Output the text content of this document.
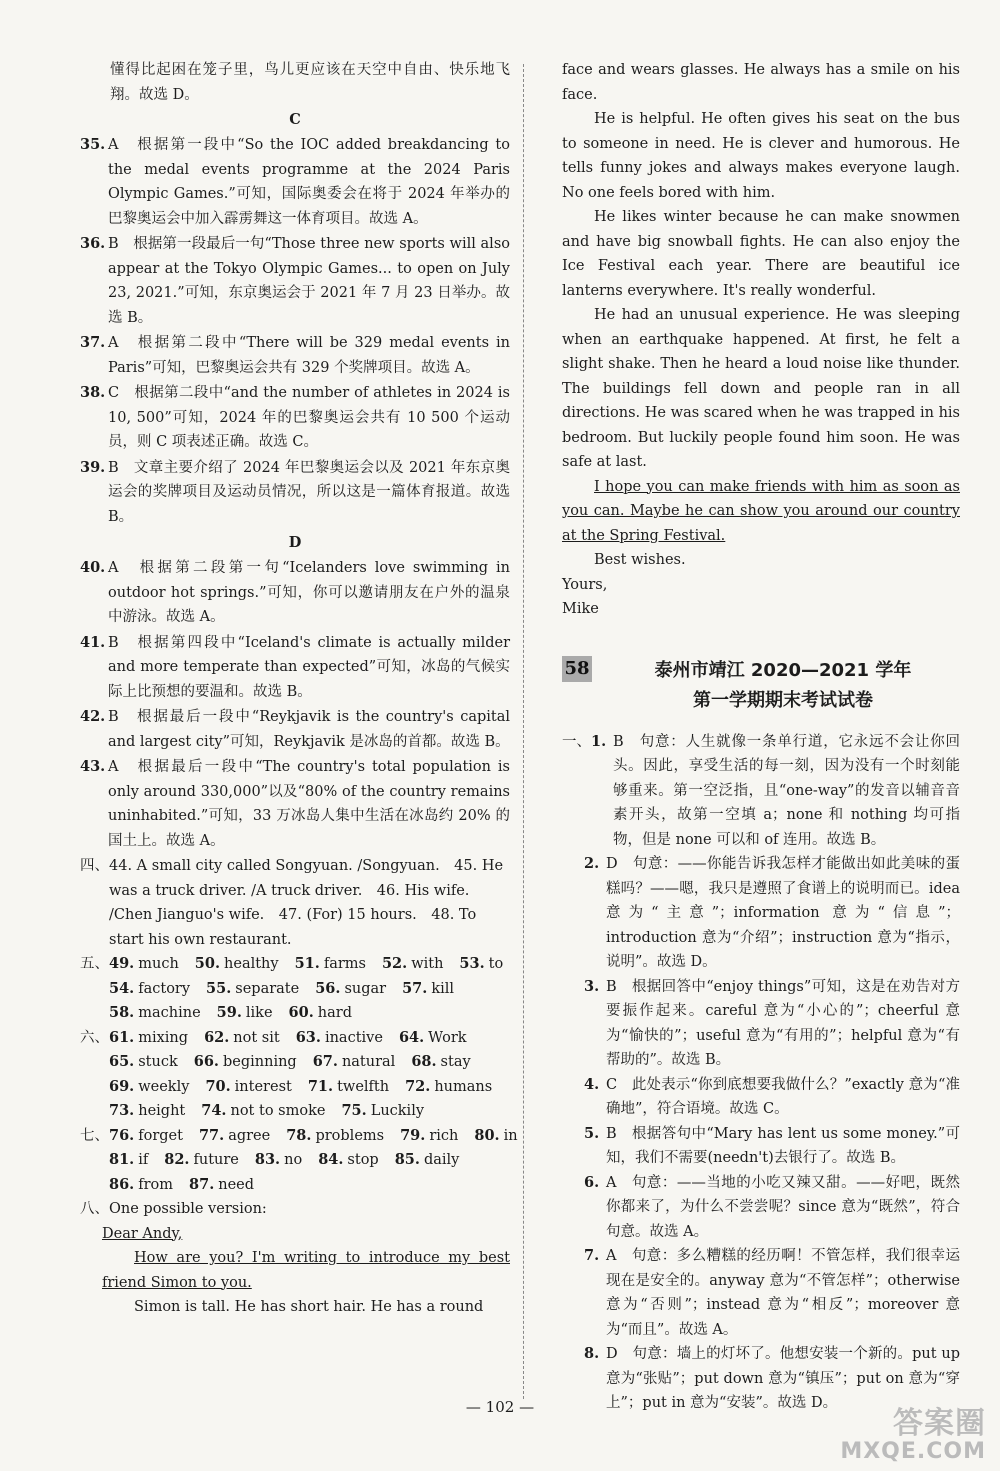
懂得比起困在笼子里，鸟儿更应该在天空中自由、快乐地飞翔。故选 D。

C
35. A　根据第一段中“So the IOC added breakdancing to the medal events programme at the 2024 Paris Olympic Games.”可知，国际奥委会在将于 2024 年举办的巴黎奥运会中加入霹雳舞这一体育项目。故选 A。
36. B　根据第一段最后一句“Those three new sports will also appear at the Tokyo Olympic Games... to open on July 23, 2021.”可知，东京奥运会于 2021 年 7 月 23 日举办。故选 B。
37. A　根据第二段中“There will be 329 medal events in Paris”可知，巴黎奥运会共有 329 个奖牌项目。故选 A。
38. C　根据第二段中“and the number of athletes in 2024 is 10, 500”可知，2024 年的巴黎奥运会共有 10 500 个运动员，则 C 项表述正确。故选 C。
39. B　文章主要介绍了 2024 年巴黎奥运会以及 2021 年东京奥运会的奖牌项目及运动员情况，所以这是一篇体育报道。故选 B。
D
40. A　根据第二段第一句“Icelanders love swimming in outdoor hot springs.”可知，你可以邀请朋友在户外的温泉中游泳。故选 A。
41. B　根据第四段中“Iceland's climate is actually milder and more temperate than expected”可知，冰岛的气候实际上比预想的要温和。故选 B。
42. B　根据最后一段中“Reykjavik is the country's capital and largest city”可知，Reykjavik 是冰岛的首都。故选 B。
43. A　根据最后一段中“The country's total population is only around 330,000”以及“80% of the country remains uninhabited.”可知，33 万冰岛人集中生活在冰岛约 20% 的国土上。故选 A。
四、 44. A small city called Songyuan. /Songyuan.　45. He was a truck driver. /A truck driver.　46. His wife. /Chen Jianguo's wife.　47. (For) 15 hours.　48. To start his own restaurant.
五、 49. much 50. healthy 51. farms 52. with 53. to
54. factory 55. separate 56. sugar 57. kill
58. machine 59. like 60. hard
六、 61. mixing 62. not sit 63. inactive 64. Work
65. stuck 66. beginning 67. natural 68. stay
69. weekly 70. interest 71. twelfth 72. humans
73. height 74. not to smoke 75. Luckily
七、 76. forget 77. agree 78. problems 79. rich 80. in
81. if 82. future 83. no 84. stop 85. daily
86. from 87. need
八、 One possible version:

Dear Andy,

How are you? I'm writing to introduce my best friend Simon to you.

Simon is tall. He has short hair. He has a round

face and wears glasses. He always has a smile on his face.

He is helpful. He often gives his seat on the bus to someone in need. He is clever and humorous. He tells funny jokes and always makes everyone laugh. No one feels bored with him.

He likes winter because he can make snowmen and have big snowball fights. He can also enjoy the Ice Festival each year. There are beautiful ice lanterns everywhere. It's really wonderful.

He had an unusual experience. He was sleeping when an earthquake happened. At first, he felt a slight shake. Then he heard a loud noise like thunder. The buildings fell down and people ran in all directions. He was scared when he was trapped in his bedroom. But luckily people found him soon. He was safe at last.

I hope you can make friends with him as soon as you can. Maybe he can show you around our country at the Spring Festival.

Best wishes.

Yours,

Mike

58	泰州市靖江 2020—2021 学年
第一学期期末考试试卷
一、 1. B　句意：人生就像一条单行道，它永远不会让你回头。因此，享受生活的每一刻，因为没有一个时刻能够重来。第一空泛指，且“one-way”的发音以辅音音素开头，故第一空填 a；none 和 nothing 均可指物，但是 none 可以和 of 连用。故选 B。
2. D　句意：——你能告诉我怎样才能做出如此美味的蛋糕吗？——嗯，我只是遵照了食谱上的说明而已。idea 意为“主意”；information 意为“信息”；introduction 意为“介绍”；instruction 意为“指示，说明”。故选 D。
3. B　根据回答中“enjoy things”可知，这是在劝告对方要振作起来。careful 意为“小心的”；cheerful 意为“愉快的”；useful 意为“有用的”；helpful 意为“有帮助的”。故选 B。
4. C　此处表示“你到底想要我做什么？”exactly 意为“准确地”，符合语境。故选 C。
5. B　根据答句中“Mary has lent us some money.”可知，我们不需要(needn't)去银行了。故选 B。
6. A　句意：——当地的小吃又辣又甜。——好吧，既然你都来了，为什么不尝尝呢？since 意为“既然”，符合句意。故选 A。
7. A　句意：多么糟糕的经历啊！不管怎样，我们很幸运现在是安全的。anyway 意为“不管怎样”；otherwise 意为“否则”；instead 意为“相反”；moreover 意为“而且”。故选 A。
8. D　句意：墙上的灯坏了。他想安装一个新的。put up 意为“张贴”；put down 意为“镇压”；put on 意为“穿上”；put in 意为“安装”。故选 D。
— 102 —	答案圈
MXQE.COM
